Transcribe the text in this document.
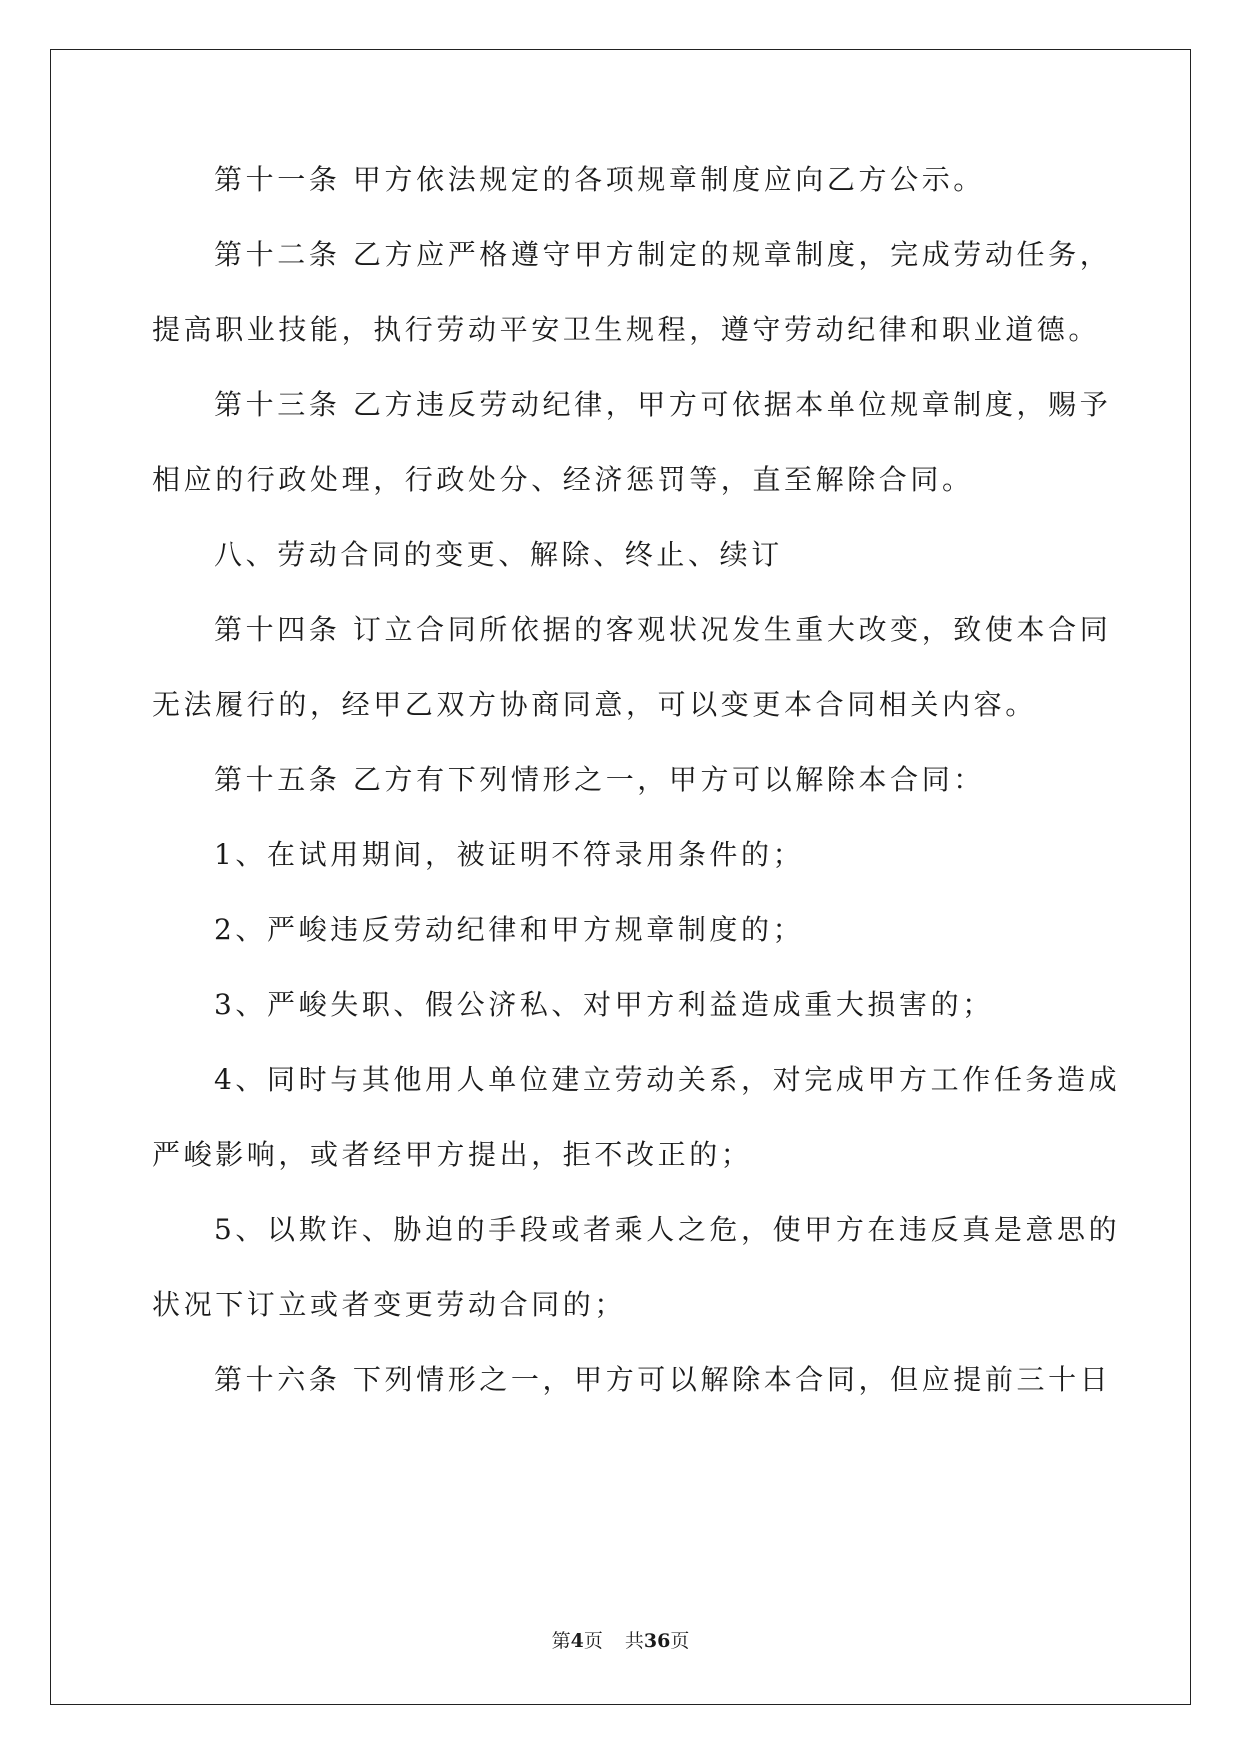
第十一条 甲方依法规定的各项规章制度应向乙方公示。
第十二条 乙方应严格遵守甲方制定的规章制度，完成劳动任务，
提高职业技能，执行劳动平安卫生规程，遵守劳动纪律和职业道德。
第十三条 乙方违反劳动纪律，甲方可依据本单位规章制度，赐予
相应的行政处理，行政处分、经济惩罚等，直至解除合同。
八、劳动合同的变更、解除、终止、续订
第十四条 订立合同所依据的客观状况发生重大改变，致使本合同
无法履行的，经甲乙双方协商同意，可以变更本合同相关内容。
第十五条 乙方有下列情形之一，甲方可以解除本合同：
1、在试用期间，被证明不符录用条件的；
2、严峻违反劳动纪律和甲方规章制度的；
3、严峻失职、假公济私、对甲方利益造成重大损害的；
4、同时与其他用人单位建立劳动关系，对完成甲方工作任务造成
严峻影响，或者经甲方提出，拒不改正的；
5、以欺诈、胁迫的手段或者乘人之危，使甲方在违反真是意思的
状况下订立或者变更劳动合同的；
第十六条 下列情形之一，甲方可以解除本合同，但应提前三十日
第4页 共36页
